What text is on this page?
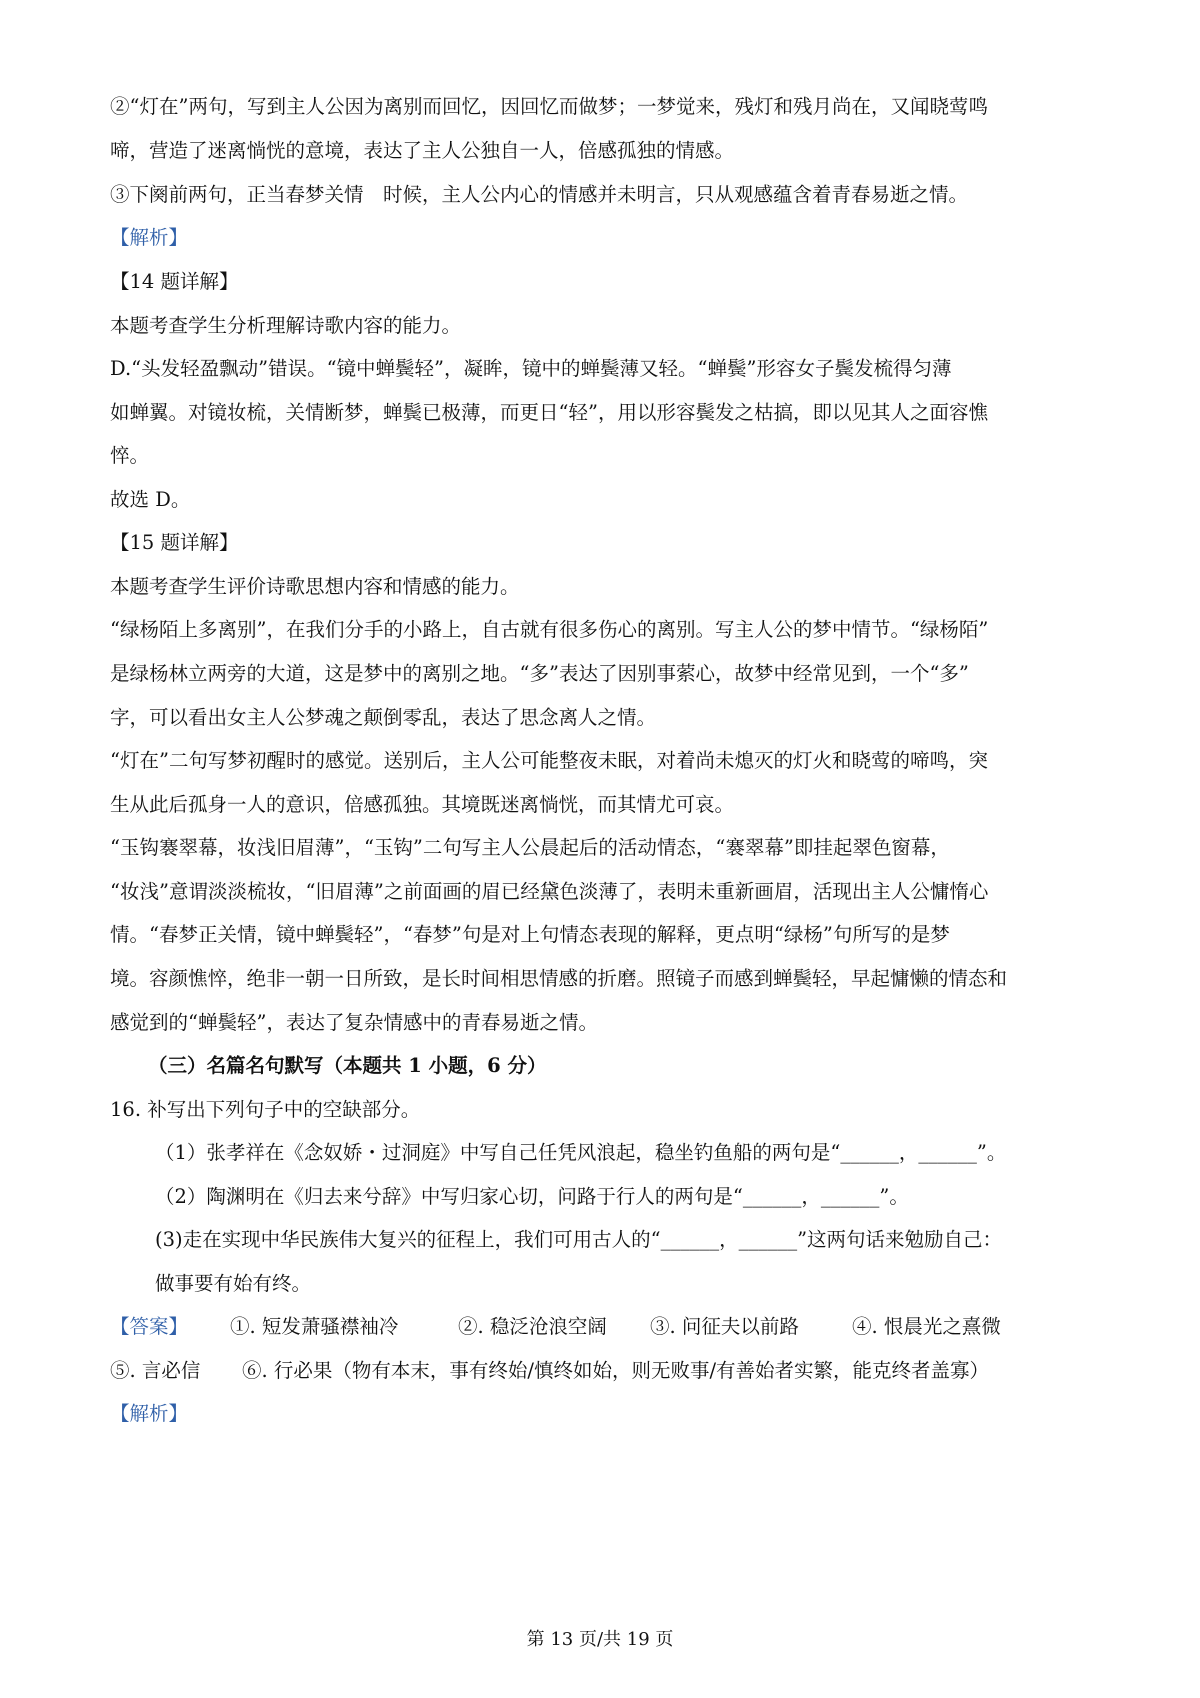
②“灯在”两句，写到主人公因为离别而回忆，因回忆而做梦；一梦觉来，残灯和残月尚在，又闻晓莺鸣
啼，营造了迷离惝恍的意境，表达了主人公独自一人，倍感孤独的情感。
③下阕前两句，正当春梦关情　时候，主人公内心的情感并未明言，只从观感蕴含着青春易逝之情。
【解析】
【14 题详解】
本题考查学生分析理解诗歌内容的能力。
D.“头发轻盈飘动”错误。“镜中蝉鬓轻”，凝眸，镜中的蝉鬓薄又轻。“蝉鬓”形容女子鬓发梳得匀薄
如蝉翼。对镜妆梳，关情断梦，蝉鬓已极薄，而更日“轻”，用以形容鬓发之枯搞，即以见其人之面容憔
悴。
故选 D。
【15 题详解】
本题考查学生评价诗歌思想内容和情感的能力。
“绿杨陌上多离别”，在我们分手的小路上，自古就有很多伤心的离别。写主人公的梦中情节。“绿杨陌”
是绿杨林立两旁的大道，这是梦中的离别之地。“多”表达了因别事萦心，故梦中经常见到，一个“多”
字，可以看出女主人公梦魂之颠倒零乱，表达了思念离人之情。
“灯在”二句写梦初醒时的感觉。送别后，主人公可能整夜未眠，对着尚未熄灭的灯火和晓莺的啼鸣，突
生从此后孤身一人的意识，倍感孤独。其境既迷离惝恍，而其情尤可哀。
“玉钩褰翠幕，妆浅旧眉薄”，“玉钩”二句写主人公晨起后的活动情态，“褰翠幕”即挂起翠色窗幕，
“妆浅”意谓淡淡梳妆，“旧眉薄”之前面画的眉已经黛色淡薄了，表明未重新画眉，活现出主人公慵惰心
情。“春梦正关情，镜中蝉鬓轻”，“春梦”句是对上句情态表现的解释，更点明“绿杨”句所写的是梦
境。容颜憔悴，绝非一朝一日所致，是长时间相思情感的折磨。照镜子而感到蝉鬓轻，早起慵懒的情态和
感觉到的“蝉鬓轻”，表达了复杂情感中的青春易逝之情。
（三）名篇名句默写（本题共 1 小题，6 分）
16. 补写出下列句子中的空缺部分。
（1）张孝祥在《念奴娇・过洞庭》中写自己任凭风浪起，稳坐钓鱼船的两句是“______，______”。
（2）陶渊明在《归去来兮辞》中写归家心切，问路于行人的两句是“______，______”。
(3)走在实现中华民族伟大复兴的征程上，我们可用古人的“______，______”这两句话来勉励自己：
做事要有始有终。
【答案】 ①. 短发萧骚襟袖冷	②. 稳泛沧浪空阔 ③. 问征夫以前路	④. 恨晨光之熹微
⑤. 言必信 ⑥. 行必果（物有本末，事有终始/慎终如始，则无败事/有善始者实繁，能克终者盖寡）
【解析】
第 13 页/共 19 页
